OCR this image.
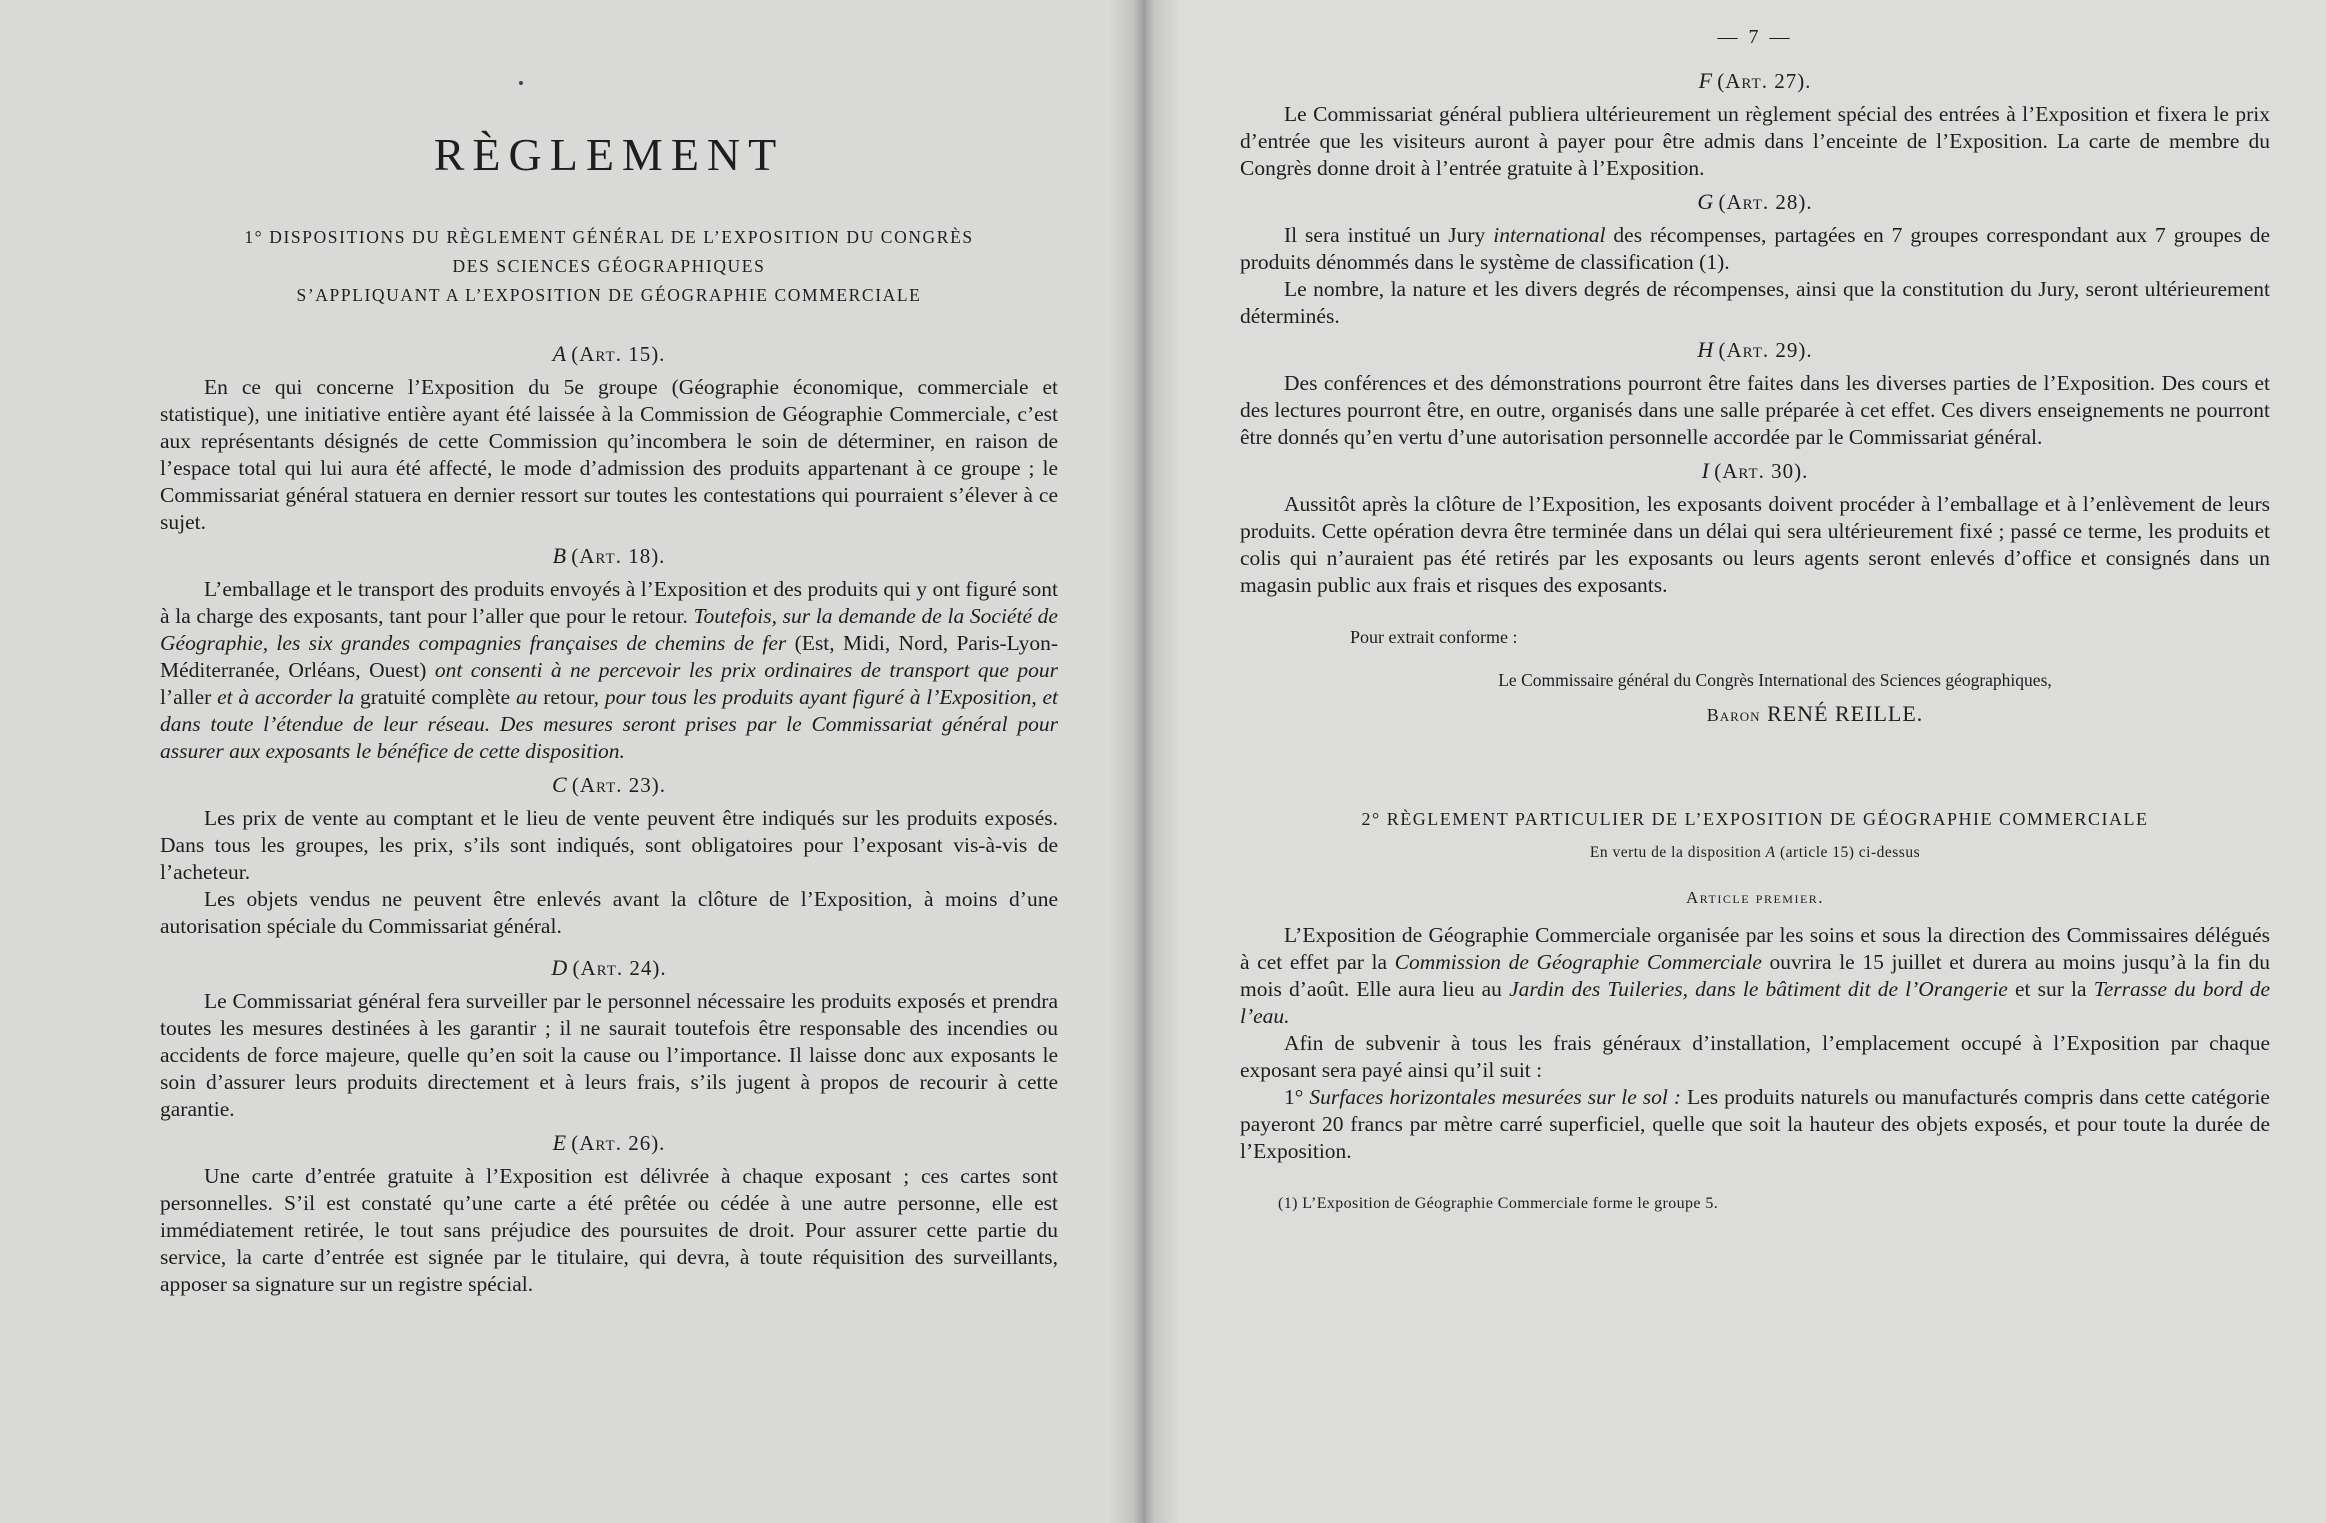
RÈGLEMENT
1° DISPOSITIONS DU RÈGLEMENT GÉNÉRAL DE L’EXPOSITION DU CONGRÈS
DES SCIENCES GÉOGRAPHIQUES
S’APPLIQUANT A L’EXPOSITION DE GÉOGRAPHIE COMMERCIALE
A (Art. 15).

En ce qui concerne l’Exposition du 5e groupe (Géographie économique, commerciale et statistique), une initiative entière ayant été laissée à la Commission de Géographie Commerciale, c’est aux représentants désignés de cette Commission qu’incombera le soin de déterminer, en raison de l’espace total qui lui aura été affecté, le mode d’admission des produits appartenant à ce groupe ; le Commissariat général statuera en dernier ressort sur toutes les contestations qui pourraient s’élever à ce sujet.

B (Art. 18).

L’emballage et le transport des produits envoyés à l’Exposition et des produits qui y ont figuré sont à la charge des exposants, tant pour l’aller que pour le retour. Toutefois, sur la demande de la Société de Géographie, les six grandes compagnies françaises de chemins de fer (Est, Midi, Nord, Paris-Lyon-Méditerranée, Orléans, Ouest) ont consenti à ne percevoir les prix ordinaires de transport que pour l’aller et à accorder la gratuité complète au retour, pour tous les produits ayant figuré à l’Exposition, et dans toute l’étendue de leur réseau. Des mesures seront prises par le Commissariat général pour assurer aux exposants le bénéfice de cette disposition.

C (Art. 23).

Les prix de vente au comptant et le lieu de vente peuvent être indiqués sur les produits exposés. Dans tous les groupes, les prix, s’ils sont indiqués, sont obligatoires pour l’exposant vis-à-vis de l’acheteur.

Les objets vendus ne peuvent être enlevés avant la clôture de l’Exposition, à moins d’une autorisation spéciale du Commissariat général.

D (Art. 24).

Le Commissariat général fera surveiller par le personnel nécessaire les produits exposés et prendra toutes les mesures destinées à les garantir ; il ne saurait toutefois être responsable des incendies ou accidents de force majeure, quelle qu’en soit la cause ou l’importance. Il laisse donc aux exposants le soin d’assurer leurs produits directement et à leurs frais, s’ils jugent à propos de recourir à cette garantie.

E (Art. 26).

Une carte d’entrée gratuite à l’Exposition est délivrée à chaque exposant ; ces cartes sont personnelles. S’il est constaté qu’une carte a été prêtée ou cédée à une autre personne, elle est immédiatement retirée, le tout sans préjudice des poursuites de droit. Pour assurer cette partie du service, la carte d’entrée est signée par le titulaire, qui devra, à toute réquisition des surveillants, apposer sa signature sur un registre spécial.

— 7 —
F (Art. 27).

Le Commissariat général publiera ultérieurement un règlement spécial des entrées à l’Exposition et fixera le prix d’entrée que les visiteurs auront à payer pour être admis dans l’enceinte de l’Exposition. La carte de membre du Congrès donne droit à l’entrée gratuite à l’Exposition.

G (Art. 28).

Il sera institué un Jury international des récompenses, partagées en 7 groupes correspondant aux 7 groupes de produits dénommés dans le système de classification (1).

Le nombre, la nature et les divers degrés de récompenses, ainsi que la constitution du Jury, seront ultérieurement déterminés.

H (Art. 29).

Des conférences et des démonstrations pourront être faites dans les diverses parties de l’Exposition. Des cours et des lectures pourront être, en outre, organisés dans une salle préparée à cet effet. Ces divers enseignements ne pourront être donnés qu’en vertu d’une autorisation personnelle accordée par le Commissariat général.

I (Art. 30).

Aussitôt après la clôture de l’Exposition, les exposants doivent procéder à l’emballage et à l’enlèvement de leurs produits. Cette opération devra être terminée dans un délai qui sera ultérieurement fixé ; passé ce terme, les produits et colis qui n’auraient pas été retirés par les exposants ou leurs agents seront enlevés d’office et consignés dans un magasin public aux frais et risques des exposants.

Pour extrait conforme :
Le Commissaire général du Congrès International des Sciences géographiques,
Baron RENÉ REILLE.
2° RÈGLEMENT PARTICULIER DE L’EXPOSITION DE GÉOGRAPHIE COMMERCIALE
En vertu de la disposition A (article 15) ci-dessus
Article premier.

L’Exposition de Géographie Commerciale organisée par les soins et sous la direction des Commissaires délégués à cet effet par la Commission de Géographie Commerciale ouvrira le 15 juillet et durera au moins jusqu’à la fin du mois d’août. Elle aura lieu au Jardin des Tuileries, dans le bâtiment dit de l’Orangerie et sur la Terrasse du bord de l’eau.

Afin de subvenir à tous les frais généraux d’installation, l’emplacement occupé à l’Exposition par chaque exposant sera payé ainsi qu’il suit :

1° Surfaces horizontales mesurées sur le sol : Les produits naturels ou manufacturés compris dans cette catégorie payeront 20 francs par mètre carré superficiel, quelle que soit la hauteur des objets exposés, et pour toute la durée de l’Exposition.

(1) L’Exposition de Géographie Commerciale forme le groupe 5.
